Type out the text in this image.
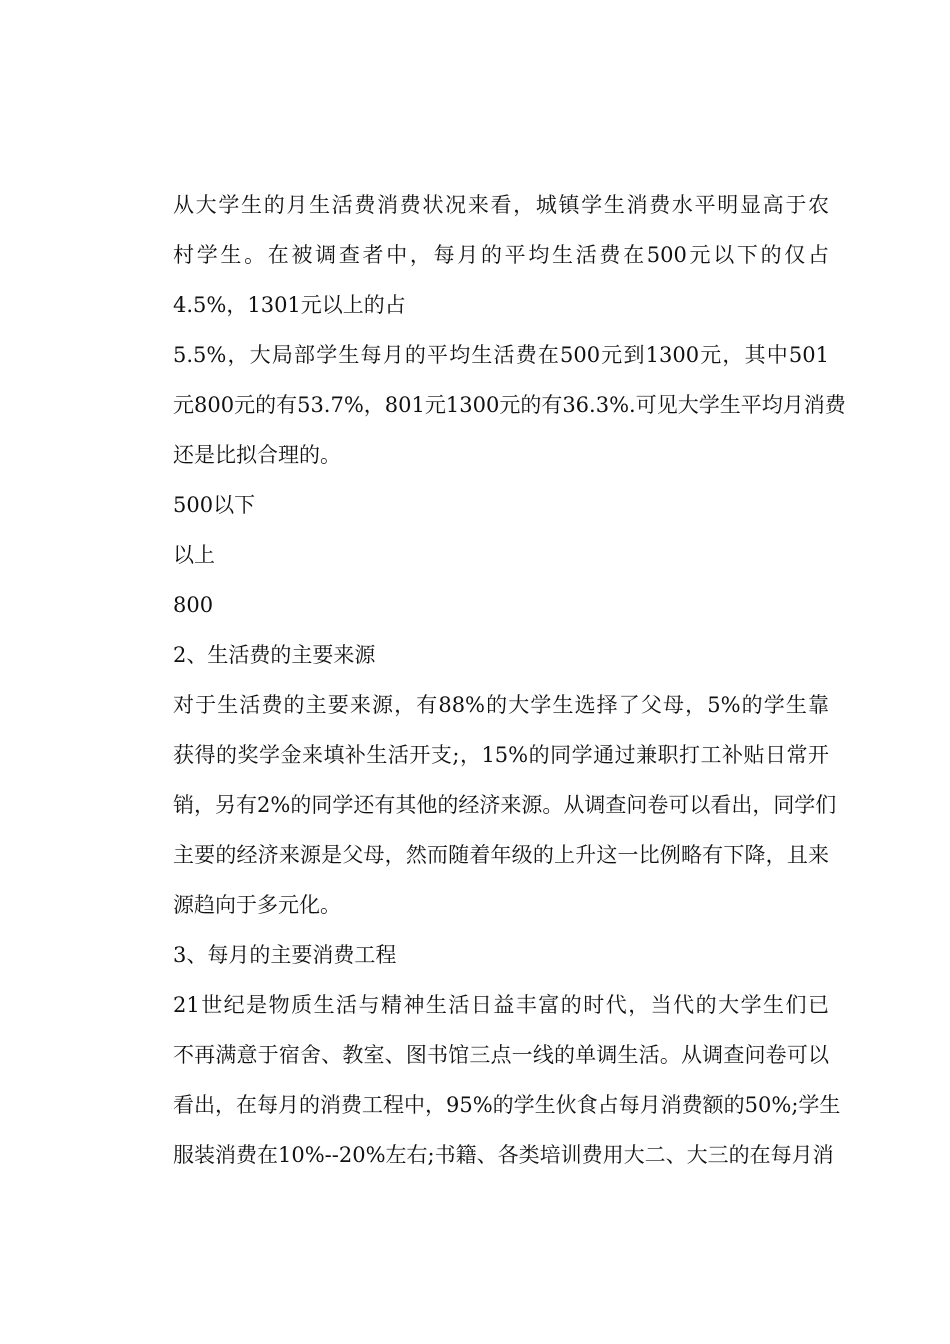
从大学生的月生活费消费状况来看，城镇学生消费水平明显高于农
村学生。在被调查者中，每月的平均生活费在500元以下的仅占
4.5%，1301元以上的占
5.5%，大局部学生每月的平均生活费在500元到1300元，其中501
元800元的有53.7%，801元1300元的有36.3%.可见大学生平均月消费
还是比拟合理的。
500以下
以上
800
2、生活费的主要来源
对于生活费的主要来源，有88%的大学生选择了父母，5%的学生靠
获得的奖学金来填补生活开支;，15%的同学通过兼职打工补贴日常开
销，另有2%的同学还有其他的经济来源。从调查问卷可以看出，同学们
主要的经济来源是父母，然而随着年级的上升这一比例略有下降，且来
源趋向于多元化。
3、每月的主要消费工程
21世纪是物质生活与精神生活日益丰富的时代，当代的大学生们已
不再满意于宿舍、教室、图书馆三点一线的单调生活。从调查问卷可以
看出，在每月的消费工程中，95%的学生伙食占每月消费额的50%;学生
服装消费在10%--20%左右;书籍、各类培训费用大二、大三的在每月消
